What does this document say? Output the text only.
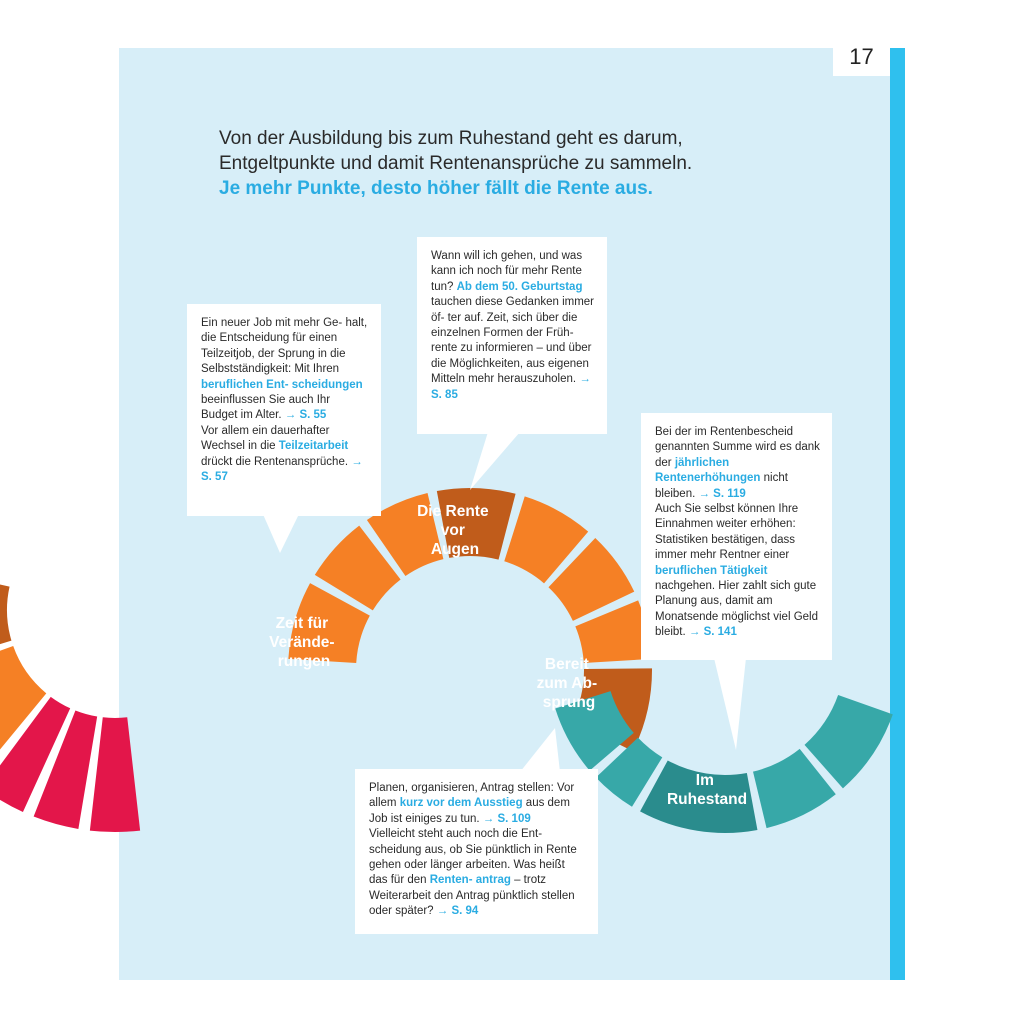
17
Von der Ausbildung bis zum Ruhestand geht es darum,
Entgeltpunkte und damit Rentenansprüche zu sammeln.
Je mehr Punkte, desto höher fällt die Rente aus.
Zeit für Verände- rungen
Die Rente vor Augen
Bereit zum Ab- sprung
Im Ruhestand

Ein neuer Job mit mehr Ge- halt, die Entscheidung für einen Teilzeitjob, der Sprung in die Selbstständigkeit: Mit Ihren beruflichen Ent- scheidungen beeinflussen Sie auch Ihr Budget im Alter. → S. 55

Vor allem ein dauerhafter Wechsel in die Teilzeitarbeit drückt die Rentenansprüche. → S. 57

Wann will ich gehen, und was kann ich noch für mehr Rente tun? Ab dem 50. Geburtstag tauchen diese Gedanken immer öf- ter auf. Zeit, sich über die einzelnen Formen der Früh- rente zu informieren – und über die Möglichkeiten, aus eigenen Mitteln mehr herauszuholen. → S. 85

Bei der im Rentenbescheid genannten Summe wird es dank der jährlichen Rentenerhöhungen nicht bleiben. → S. 119

Auch Sie selbst können Ihre Einnahmen weiter erhöhen: Statistiken bestätigen, dass immer mehr Rentner einer beruflichen Tätigkeit nachgehen. Hier zahlt sich gute Planung aus, damit am Monatsende möglichst viel Geld bleibt. → S. 141

Planen, organisieren, Antrag stellen: Vor allem kurz vor dem Ausstieg aus dem Job ist einiges zu tun. → S. 109

Vielleicht steht auch noch die Ent- scheidung aus, ob Sie pünktlich in Rente gehen oder länger arbeiten. Was heißt das für den Renten- antrag – trotz Weiterarbeit den Antrag pünktlich stellen oder später? → S. 94
